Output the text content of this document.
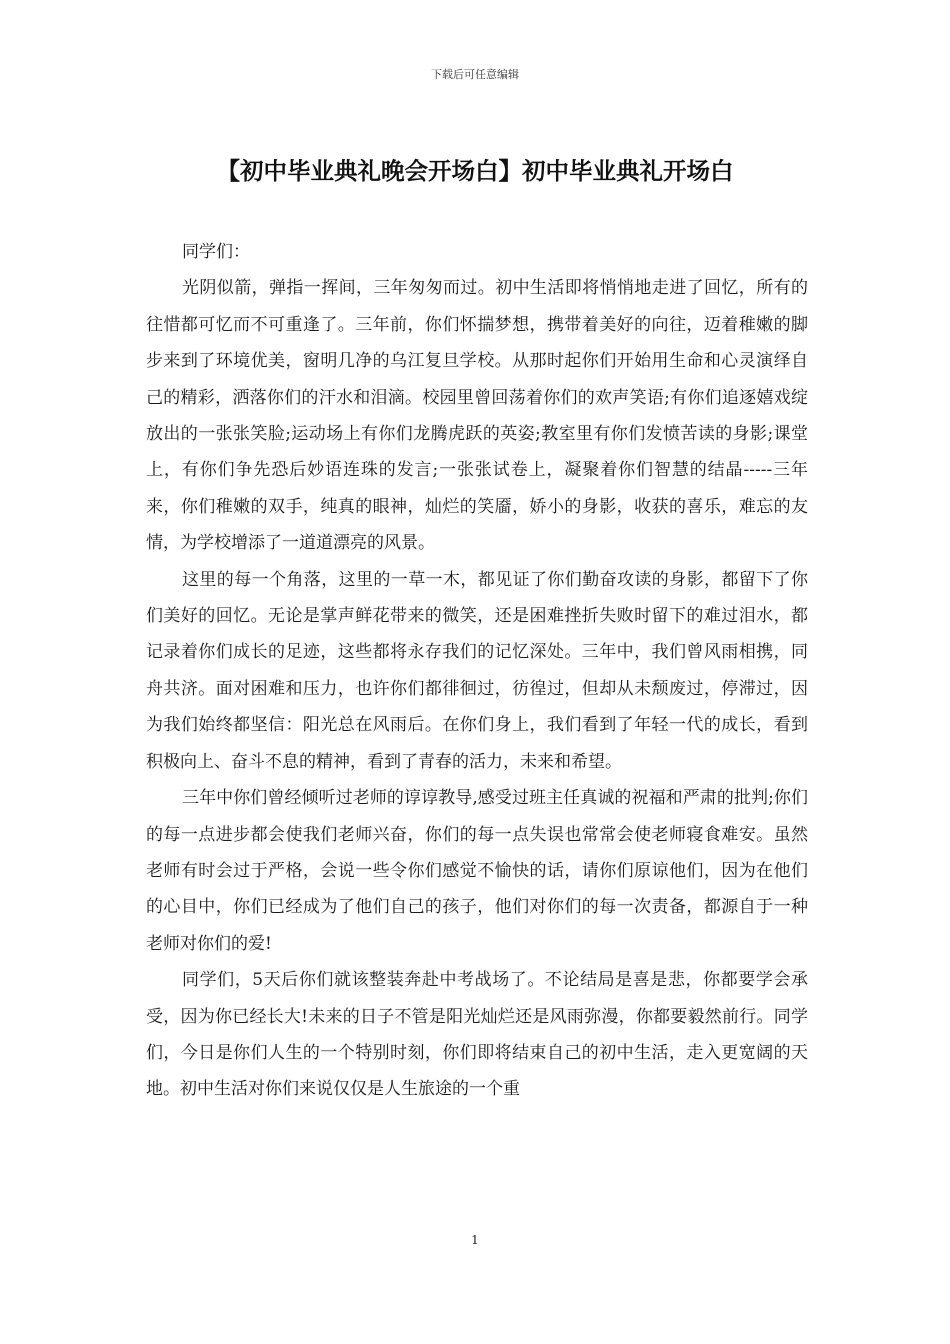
下载后可任意编辑
【初中毕业典礼晚会开场白】初中毕业典礼开场白

同学们：

光阴似箭，弹指一挥间，三年匆匆而过。初中生活即将悄悄地走进了回忆，所有的往惜都可忆而不可重逢了。三年前，你们怀揣梦想，携带着美好的向往，迈着稚嫩的脚步来到了环境优美，窗明几净的乌江复旦学校。从那时起你们开始用生命和心灵演绎自己的精彩，洒落你们的汗水和泪滴。校园里曾回荡着你们的欢声笑语;有你们追逐嬉戏绽放出的一张张笑脸;运动场上有你们龙腾虎跃的英姿;教室里有你们发愤苦读的身影;课堂上，有你们争先恐后妙语连珠的发言;一张张试卷上，凝聚着你们智慧的结晶-----三年来，你们稚嫩的双手，纯真的眼神，灿烂的笑靥，娇小的身影，收获的喜乐，难忘的友情，为学校增添了一道道漂亮的风景。

这里的每一个角落，这里的一草一木，都见证了你们勤奋攻读的身影，都留下了你们美好的回忆。无论是掌声鲜花带来的微笑，还是困难挫折失败时留下的难过泪水，都记录着你们成长的足迹，这些都将永存我们的记忆深处。三年中，我们曾风雨相携，同舟共济。面对困难和压力，也许你们都徘徊过，彷徨过，但却从未颓废过，停滞过，因为我们始终都坚信：阳光总在风雨后。在你们身上，我们看到了年轻一代的成长，看到积极向上、奋斗不息的精神，看到了青春的活力，未来和希望。

三年中你们曾经倾听过老师的谆谆教导,感受过班主任真诚的祝福和严肃的批判;你们的每一点进步都会使我们老师兴奋，你们的每一点失误也常常会使老师寝食难安。虽然老师有时会过于严格，会说一些令你们感觉不愉快的话，请你们原谅他们，因为在他们的心目中，你们已经成为了他们自己的孩子，他们对你们的每一次责备，都源自于一种老师对你们的爱!

同学们，5天后你们就该整装奔赴中考战场了。不论结局是喜是悲，你都要学会承受，因为你已经长大!未来的日子不管是阳光灿烂还是风雨弥漫，你都要毅然前行。同学们，今日是你们人生的一个特别时刻，你们即将结束自己的初中生活，走入更宽阔的天地。初中生活对你们来说仅仅是人生旅途的一个重

1
